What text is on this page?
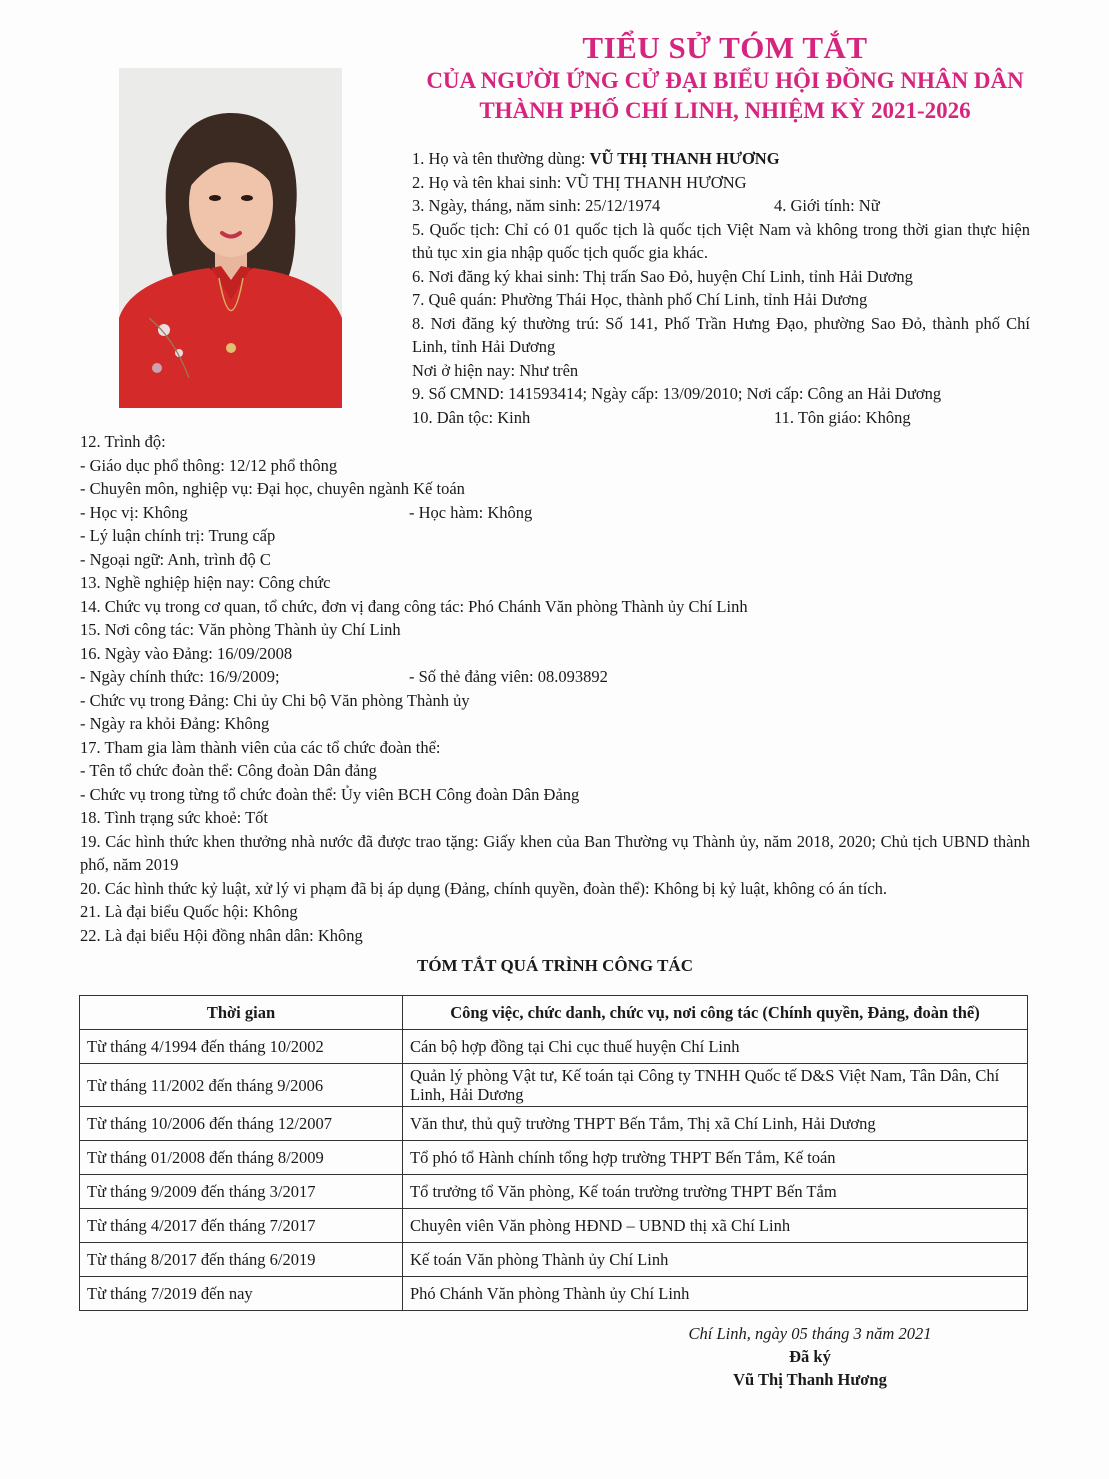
TIỂU SỬ TÓM TẮT
CỦA NGƯỜI ỨNG CỬ ĐẠI BIỂU HỘI ĐỒNG NHÂN DÂN
THÀNH PHỐ CHÍ LINH, NHIỆM KỲ 2021-2026

1. Họ và tên thường dùng: VŨ THỊ THANH HƯƠNG

2. Họ và tên khai sinh: VŨ THỊ THANH HƯƠNG

3. Ngày, tháng, năm sinh: 25/12/1974	4. Giới tính: Nữ

5. Quốc tịch: Chỉ có 01 quốc tịch là quốc tịch Việt Nam và không trong thời gian thực hiện thủ tục xin gia nhập quốc tịch quốc gia khác.

6. Nơi đăng ký khai sinh: Thị trấn Sao Đỏ, huyện Chí Linh, tỉnh Hải Dương

7. Quê quán: Phường Thái Học, thành phố Chí Linh, tỉnh Hải Dương

8. Nơi đăng ký thường trú: Số 141, Phố Trần Hưng Đạo, phường Sao Đỏ, thành phố Chí Linh, tỉnh Hải Dương

Nơi ở hiện nay: Như trên

9. Số CMND: 141593414; Ngày cấp: 13/09/2010; Nơi cấp: Công an Hải Dương

10. Dân tộc: Kinh	11. Tôn giáo: Không

12. Trình độ:

- Giáo dục phổ thông: 12/12 phổ thông

- Chuyên môn, nghiệp vụ: Đại học, chuyên ngành Kế toán

- Học vị: Không	- Học hàm: Không

- Lý luận chính trị: Trung cấp

- Ngoại ngữ: Anh, trình độ C

13. Nghề nghiệp hiện nay: Công chức

14. Chức vụ trong cơ quan, tổ chức, đơn vị đang công tác: Phó Chánh Văn phòng Thành ủy Chí Linh

15. Nơi công tác: Văn phòng Thành ủy Chí Linh

16. Ngày vào Đảng: 16/09/2008

- Ngày chính thức: 16/9/2009;	- Số thẻ đảng viên: 08.093892

- Chức vụ trong Đảng: Chi ủy Chi bộ Văn phòng Thành ủy

- Ngày ra khỏi Đảng: Không

17. Tham gia làm thành viên của các tổ chức đoàn thể:

- Tên tổ chức đoàn thể: Công đoàn Dân đảng

- Chức vụ trong từng tổ chức đoàn thể: Ủy viên BCH Công đoàn Dân Đảng

18. Tình trạng sức khoẻ: Tốt

19. Các hình thức khen thưởng nhà nước đã được trao tặng: Giấy khen của Ban Thường vụ Thành ủy, năm 2018, 2020; Chủ tịch UBND thành phố, năm 2019

20. Các hình thức kỷ luật, xử lý vi phạm đã bị áp dụng (Đảng, chính quyền, đoàn thể): Không bị kỷ luật, không có án tích.

21. Là đại biểu Quốc hội: Không

22. Là đại biểu Hội đồng nhân dân: Không

TÓM TẮT QUÁ TRÌNH CÔNG TÁC
Thời gian	Công việc, chức danh, chức vụ, nơi công tác (Chính quyền, Đảng, đoàn thể)
Từ tháng 4/1994 đến tháng 10/2002	Cán bộ hợp đồng tại Chi cục thuế huyện Chí Linh
Từ tháng 11/2002 đến tháng 9/2006	Quản lý phòng Vật tư, Kế toán tại Công ty TNHH Quốc tế D&S Việt Nam, Tân Dân, Chí Linh, Hải Dương
Từ tháng 10/2006 đến tháng 12/2007	Văn thư, thủ quỹ trường THPT Bến Tắm, Thị xã Chí Linh, Hải Dương
Từ tháng 01/2008 đến tháng 8/2009	Tổ phó tổ Hành chính tổng hợp trường THPT Bến Tắm, Kế toán
Từ tháng 9/2009 đến tháng 3/2017	Tổ trưởng tổ Văn phòng, Kế toán trường trường THPT Bến Tắm
Từ tháng 4/2017 đến tháng 7/2017	Chuyên viên Văn phòng HĐND – UBND thị xã Chí Linh
Từ tháng 8/2017 đến tháng 6/2019	Kế toán Văn phòng Thành ủy Chí Linh
Từ tháng 7/2019 đến nay	Phó Chánh Văn phòng Thành ủy Chí Linh
Chí Linh, ngày 05 tháng 3 năm 2021
Đã ký
Vũ Thị Thanh Hương
